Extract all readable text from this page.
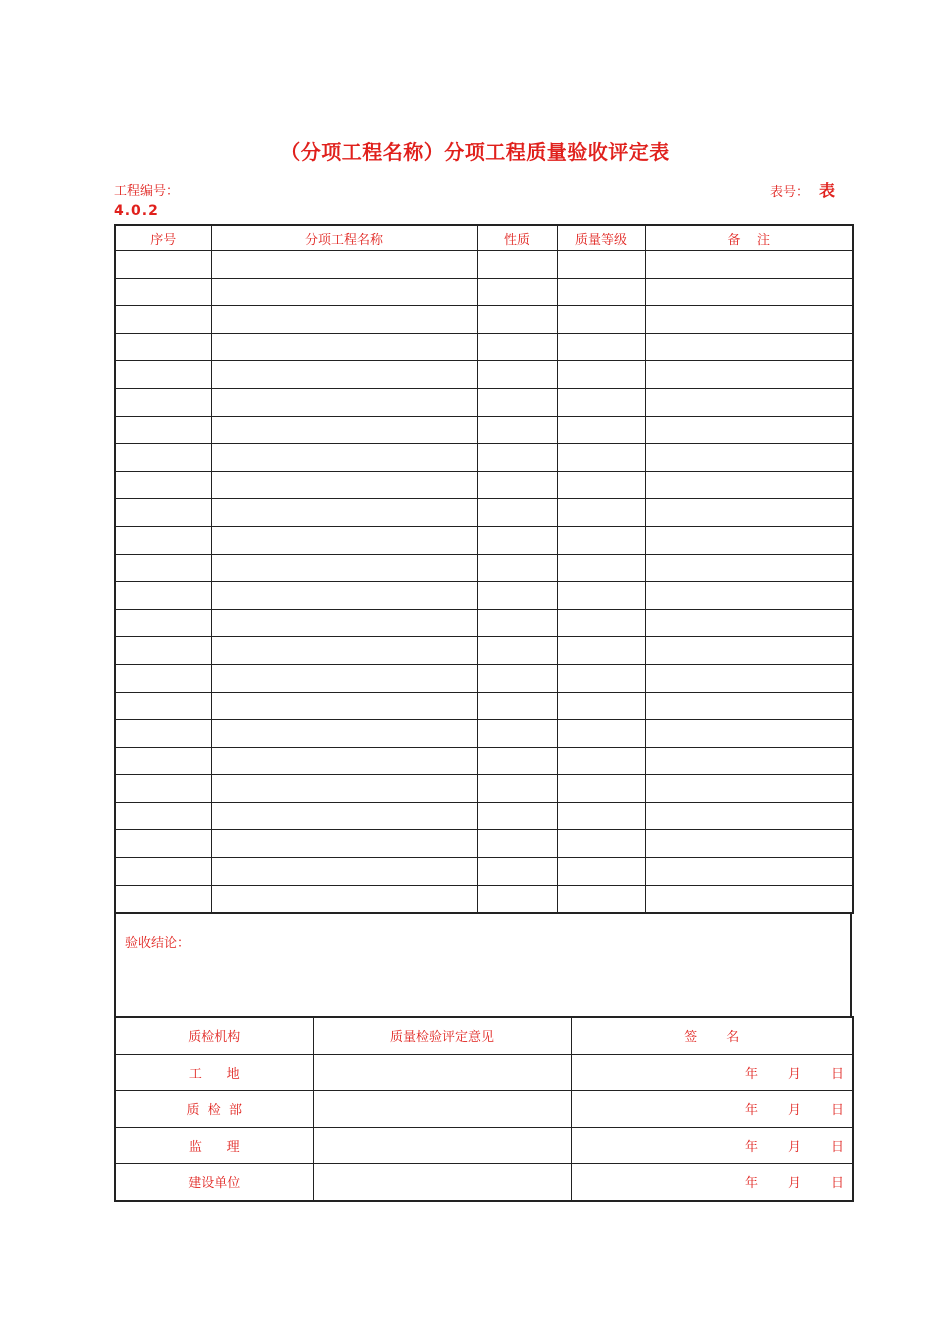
（分项工程名称）分项工程质量验收评定表
工程编号：	表号： 表
4.0.2
序号	分项工程名称	性质	质量等级	备    注

验收结论：
质检机构	质量检验评定意见	签       名
工      地		年 月 日
质  检  部		年 月 日
监      理		年 月 日
建设单位		年 月 日
